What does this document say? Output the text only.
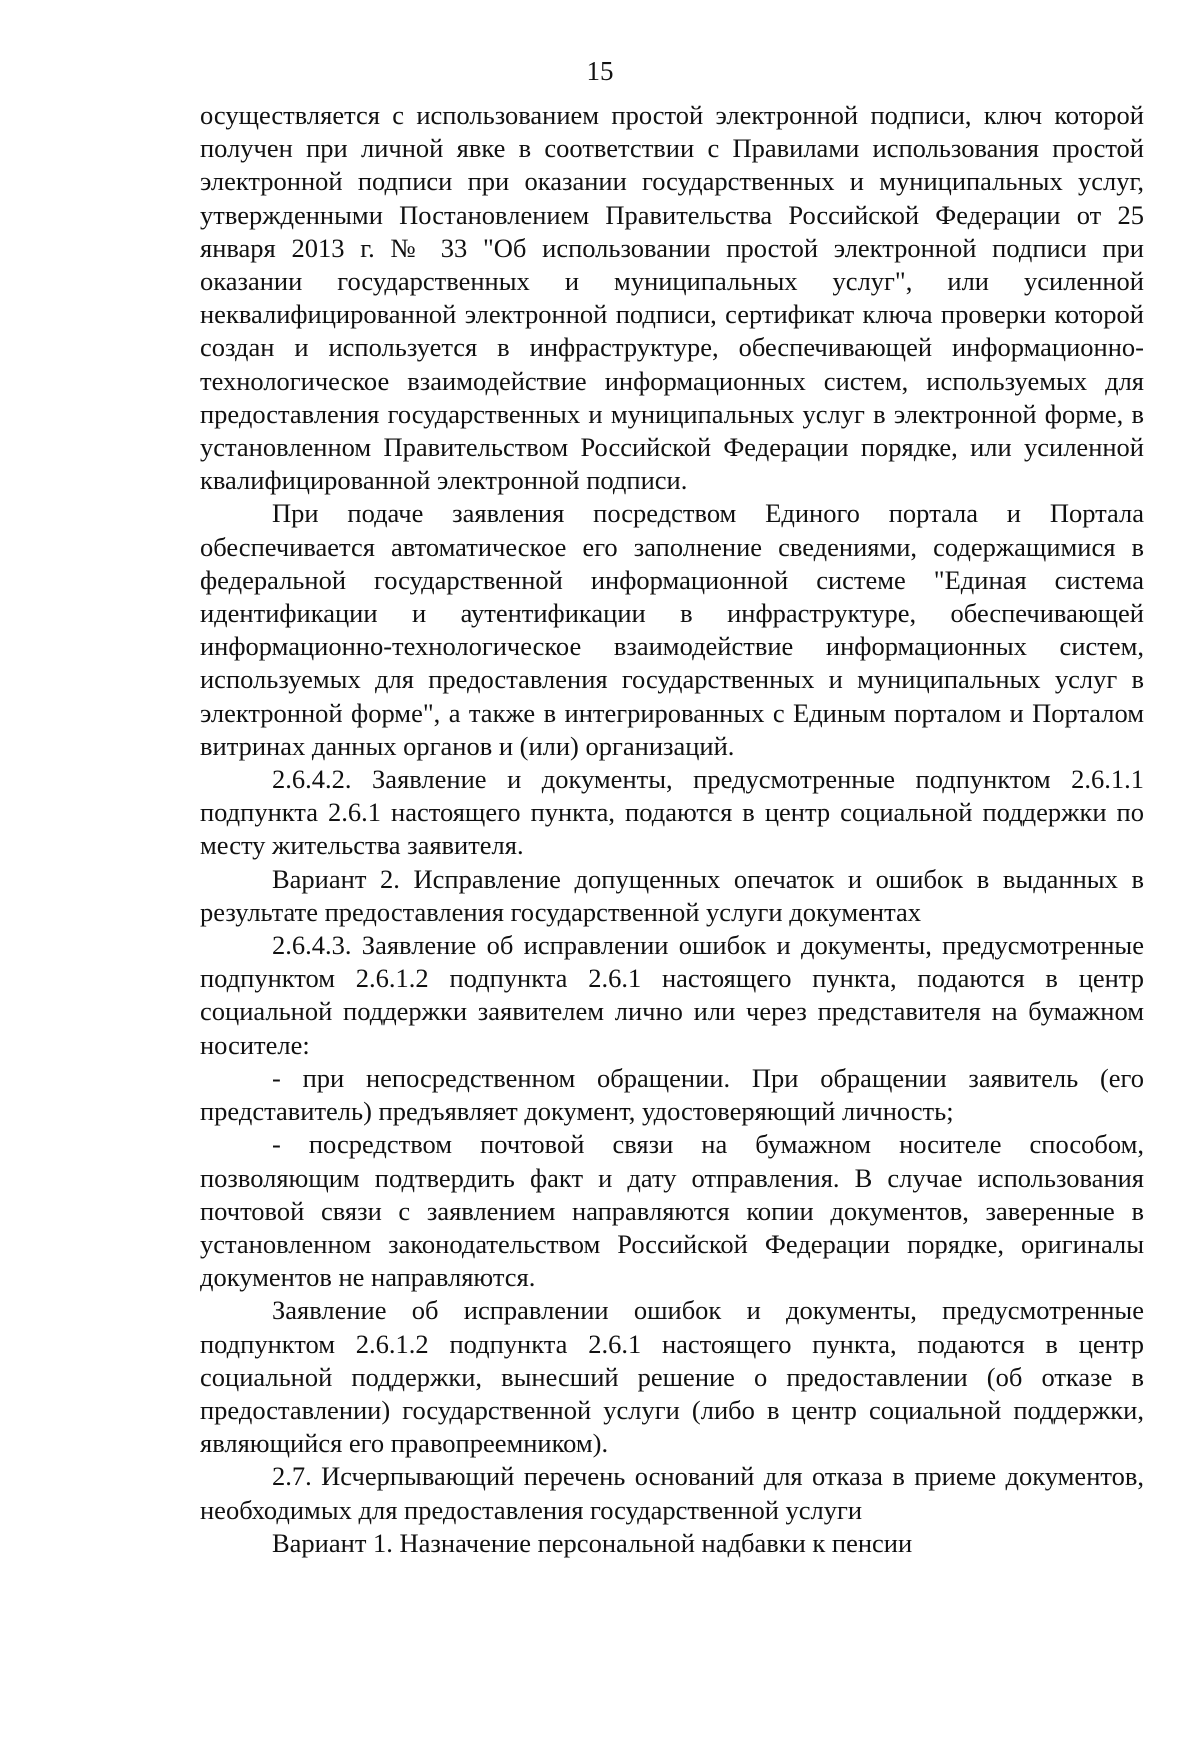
15

осуществляется с использованием простой электронной подписи, ключ которой получен при личной явке в соответствии с Правилами использования простой электронной подписи при оказании государственных и муниципальных услуг, утвержденными Постановлением Правительства Российской Федерации от 25 января 2013 г. № 33 "Об использовании простой электронной подписи при оказании государственных и муниципальных услуг", или усиленной неквалифицированной электронной подписи, сертификат ключа проверки которой создан и используется в инфраструктуре, обеспечивающей информационно-технологическое взаимодействие информационных систем, используемых для предоставления государственных и муниципальных услуг в электронной форме, в установленном Правительством Российской Федерации порядке, или усиленной квалифицированной электронной подписи.

При подаче заявления посредством Единого портала и Портала обеспечивается автоматическое его заполнение сведениями, содержащимися в федеральной государственной информационной системе "Единая система идентификации и аутентификации в инфраструктуре, обеспечивающей информационно-технологическое взаимодействие информационных систем, используемых для предоставления государственных и муниципальных услуг в электронной форме", а также в интегрированных с Единым порталом и Порталом витринах данных органов и (или) организаций.

2.6.4.2. Заявление и документы, предусмотренные подпунктом 2.6.1.1 подпункта 2.6.1 настоящего пункта, подаются в центр социальной поддержки по месту жительства заявителя.

Вариант 2. Исправление допущенных опечаток и ошибок в выданных в результате предоставления государственной услуги документах

2.6.4.3. Заявление об исправлении ошибок и документы, предусмотренные подпунктом 2.6.1.2 подпункта 2.6.1 настоящего пункта, подаются в центр социальной поддержки заявителем лично или через представителя на бумажном носителе:

- при непосредственном обращении. При обращении заявитель (его представитель) предъявляет документ, удостоверяющий личность;

- посредством почтовой связи на бумажном носителе способом, позволяющим подтвердить факт и дату отправления. В случае использования почтовой связи с заявлением направляются копии документов, заверенные в установленном законодательством Российской Федерации порядке, оригиналы документов не направляются.

Заявление об исправлении ошибок и документы, предусмотренные подпунктом 2.6.1.2 подпункта 2.6.1 настоящего пункта, подаются в центр социальной поддержки, вынесший решение о предоставлении (об отказе в предоставлении) государственной услуги (либо в центр социальной поддержки, являющийся его правопреемником).

2.7. Исчерпывающий перечень оснований для отказа в приеме документов, необходимых для предоставления государственной услуги

Вариант 1. Назначение персональной надбавки к пенсии
